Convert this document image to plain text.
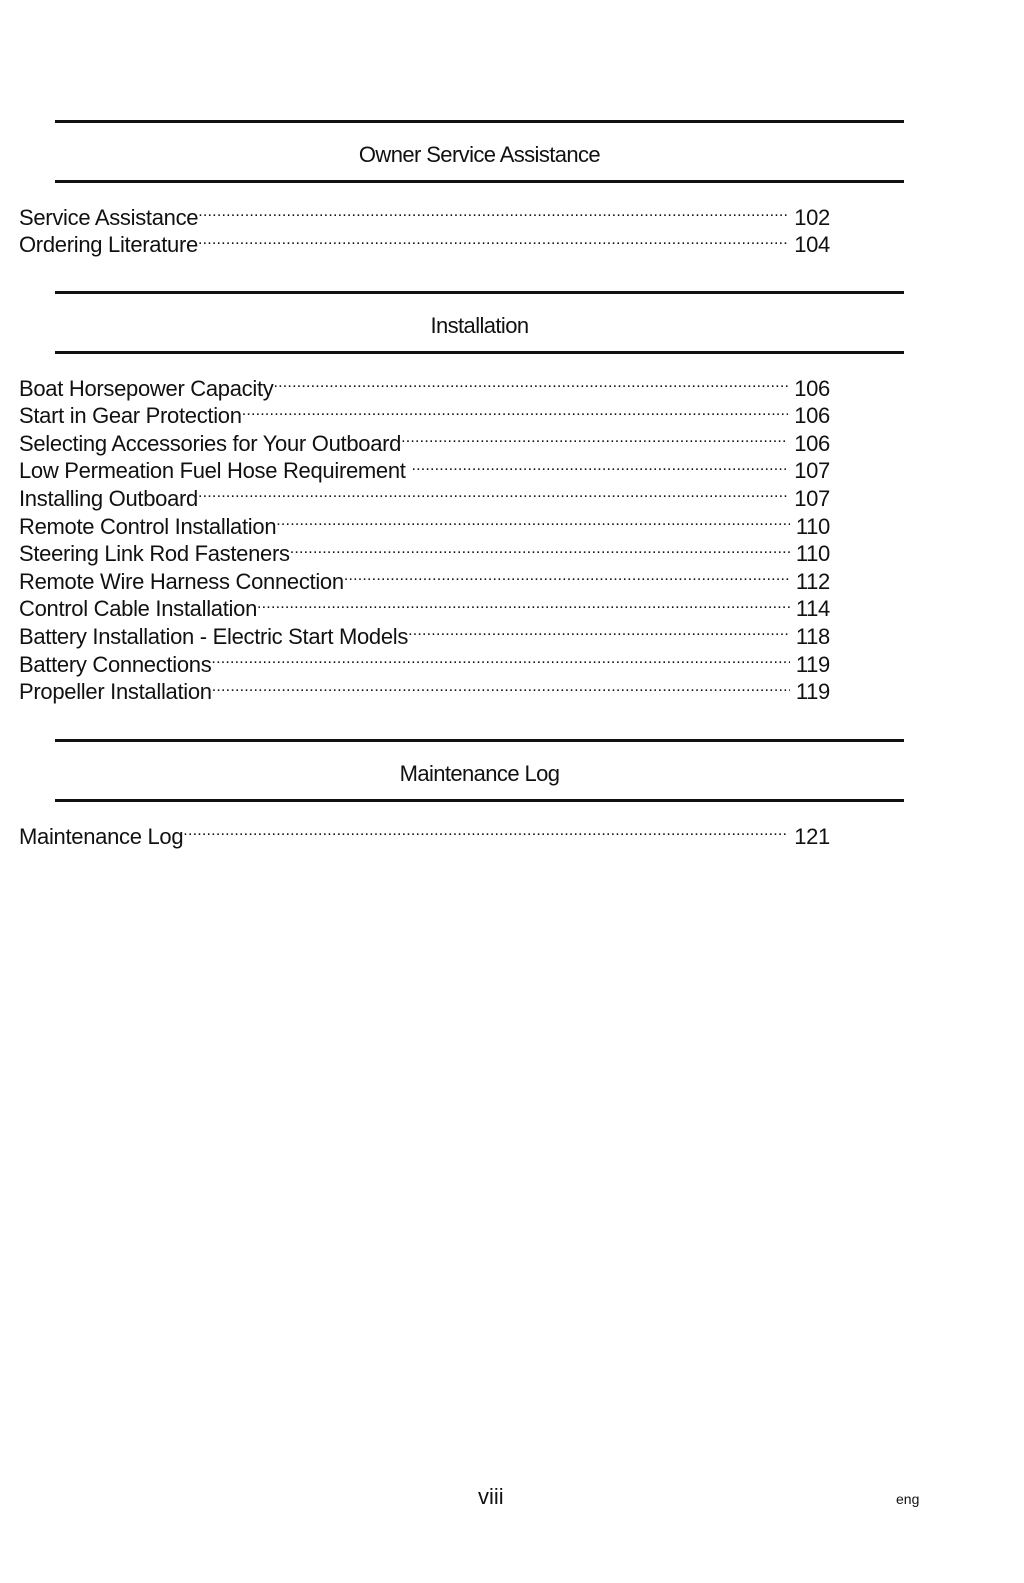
Owner Service Assistance
Service Assistance .....	102
Ordering Literature .....	104
Installation
Boat Horsepower Capacity .....	106
Start in Gear Protection .....	106
Selecting Accessories for Your Outboard .....	106
Low Permeation Fuel Hose Requirement .....	107
Installing Outboard .....	107
Remote Control Installation .....	110
Steering Link Rod Fasteners .....	110
Remote Wire Harness Connection .....	112
Control Cable Installation .....	114
Battery Installation - Electric Start Models .....	118
Battery Connections .....	119
Propeller Installation .....	119
Maintenance Log
Maintenance Log .....	121
viii	eng
